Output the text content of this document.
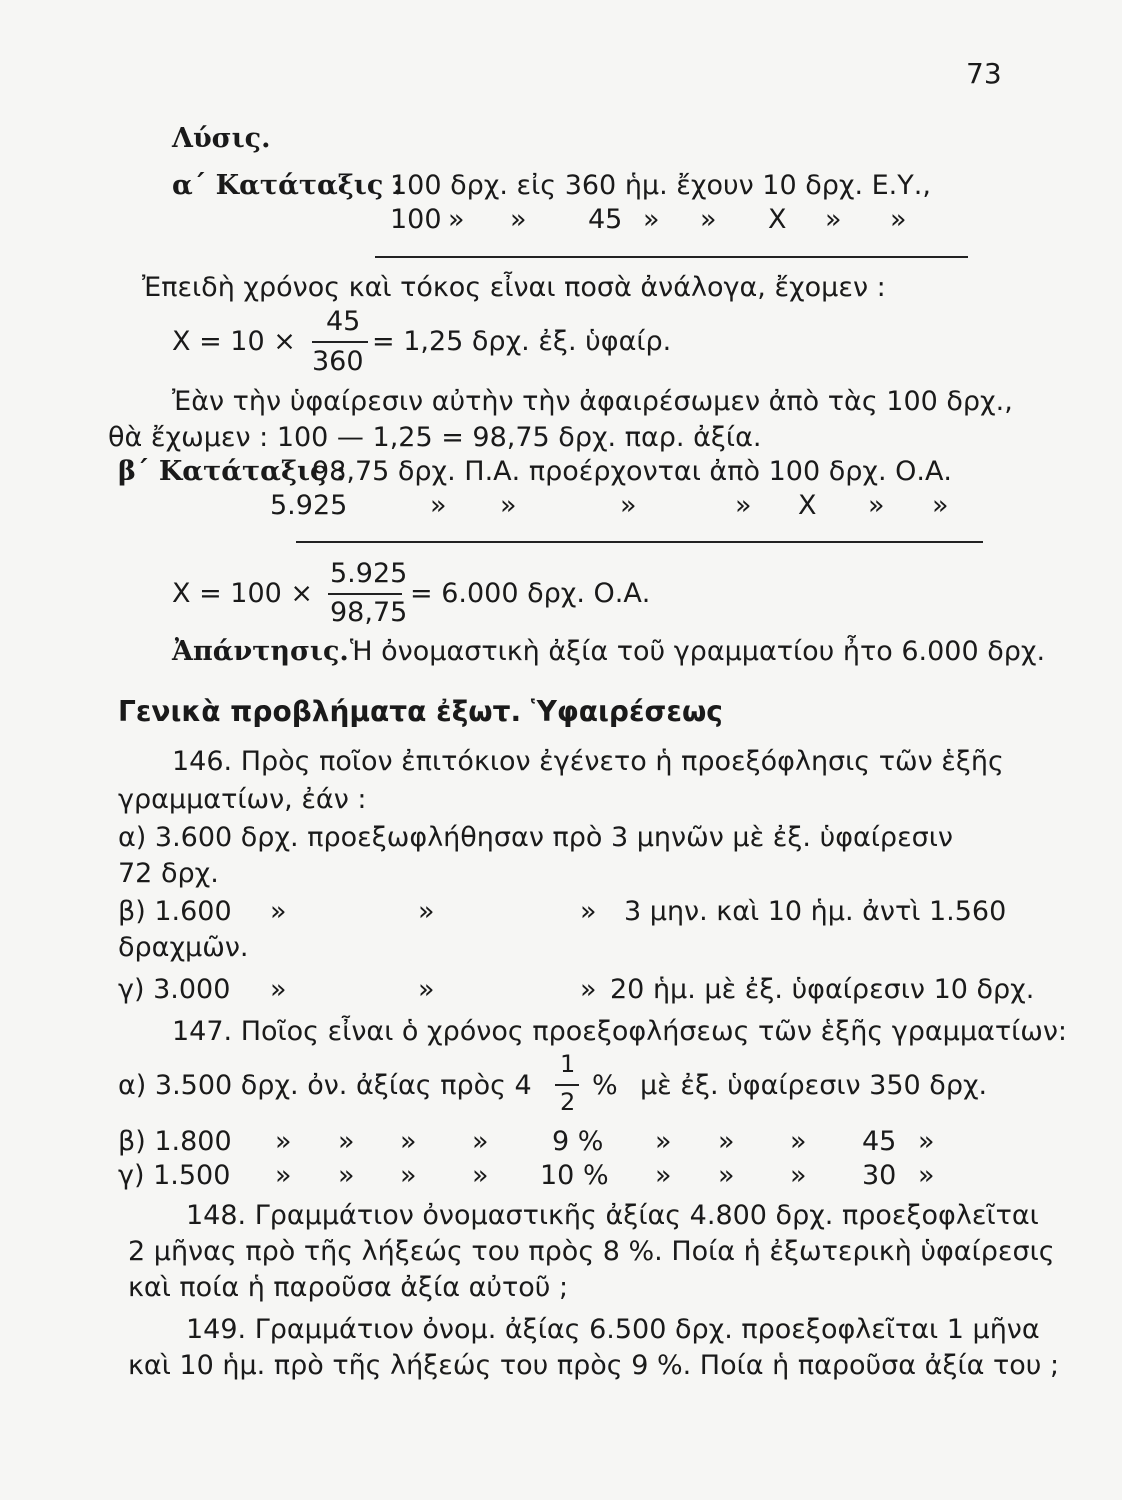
73
Λύσις.
α΄ Κατάταξις :
100 δρχ. εἰς 360 ἡμ. ἔχουν 10 δρχ. Ε.Υ.,
100 » » 45 » » X » »
Ἐπειδὴ χρόνος καὶ τόκος εἶναι ποσὰ ἀνάλογα, ἔχομεν :
X = 10 ×
45
360
= 1,25 δρχ. ἐξ. ὑφαίρ.
Ἐὰν τὴν ὑφαίρεσιν αὐτὴν τὴν ἀφαιρέσωμεν ἀπὸ τὰς 100 δρχ.,
θὰ ἔχωμεν : 100 — 1,25 = 98,75 δρχ. παρ. ἀξία.
β΄ Κατάταξις :
98,75 δρχ. Π.Α. προέρχονται ἀπὸ 100 δρχ. Ο.Α.
5.925	» »	»	» X » »
X = 100 ×
5.925
98,75
= 6.000 δρχ. Ο.Α.
Ἀπάντησις. Ἡ ὀνομαστικὴ ἀξία τοῦ γραμματίου ἦτο 6.000 δρχ.
Γενικὰ προβλήματα ἐξωτ. Ὑφαιρέσεως
146. Πρὸς ποῖον ἐπιτόκιον ἐγένετο ἡ προεξόφλησις τῶν ἑξῆς
γραμματίων, ἐάν :
α) 3.600 δρχ. προεξωφλήθησαν πρὸ 3 μηνῶν μὲ ἐξ. ὑφαίρεσιν
72 δρχ.
β) 1.600 »	»	» 3 μην. καὶ 10 ἡμ. ἀντὶ 1.560
δραχμῶν.
γ) 3.000 »	»	» 20 ἡμ. μὲ ἐξ. ὑφαίρεσιν 10 δρχ.
147. Ποῖος εἶναι ὁ χρόνος προεξοφλήσεως τῶν ἑξῆς γραμματίων:
α) 3.500 δρχ. ὀν. ἀξίας πρὸς 4
1
2
% μὲ ἐξ. ὑφαίρεσιν 350 δρχ.
β) 1.800 » » » » 9 % » » » 45 »
γ) 1.500 » » » » 10 % » » » 30 »
148. Γραμμάτιον ὀνομαστικῆς ἀξίας 4.800 δρχ. προεξοφλεῖται
2 μῆνας πρὸ τῆς λήξεώς του πρὸς 8 %. Ποία ἡ ἐξωτερικὴ ὑφαίρεσις
καὶ ποία ἡ παροῦσα ἀξία αὐτοῦ ;
149. Γραμμάτιον ὀνομ. ἀξίας 6.500 δρχ. προεξοφλεῖται 1 μῆνα
καὶ 10 ἡμ. πρὸ τῆς λήξεώς του πρὸς 9 %. Ποία ἡ παροῦσα ἀξία του ;
